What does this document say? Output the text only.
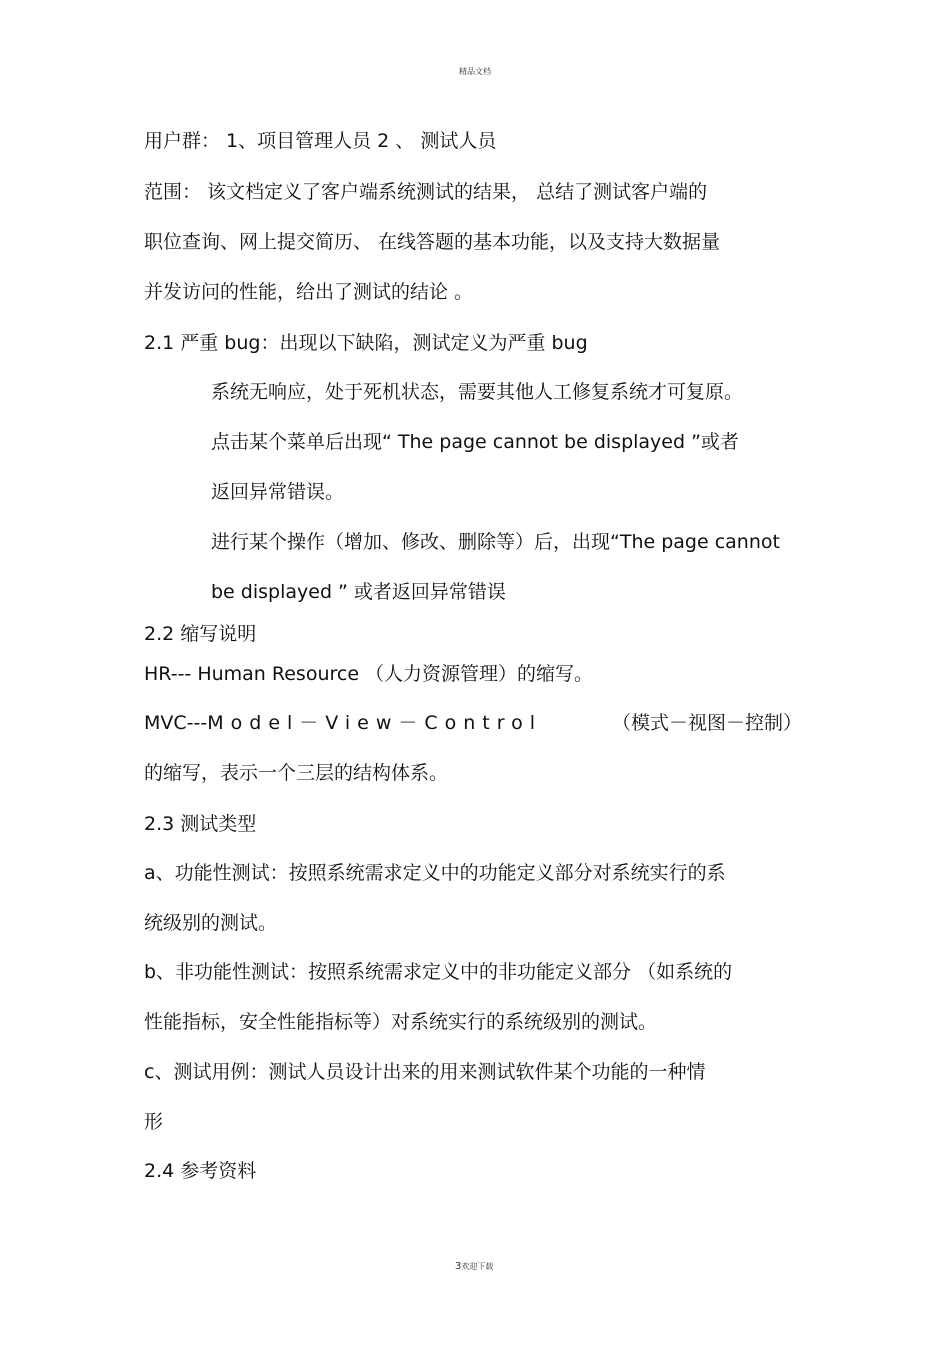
精品文档
用户群： 1、项目管理人员 2 、 测试人员
范围： 该文档定义了客户端系统测试的结果， 总结了测试客户端的
职位查询、网上提交简历、 在线答题的基本功能，以及支持大数据量
并发访问的性能，给出了测试的结论 。
2.1 严重 bug：出现以下缺陷，测试定义为严重 bug
系统无响应，处于死机状态，需要其他人工修复系统才可复原。
点击某个菜单后出现“ The page cannot be displayed ”或者
返回异常错误。
进行某个操作（增加、修改、删除等）后，出现“The page cannot
be displayed ” 或者返回异常错误
2.2 缩写说明
HR--- Human Resource （人力资源管理）的缩写。
MVC---Model－View－Control	（模式－视图－控制）
的缩写，表示一个三层的结构体系。
2.3 测试类型
a、功能性测试：按照系统需求定义中的功能定义部分对系统实行的系
统级别的测试。
b、非功能性测试：按照系统需求定义中的非功能定义部分 （如系统的
性能指标，安全性能指标等）对系统实行的系统级别的测试。
c、测试用例：测试人员设计出来的用来测试软件某个功能的一种情
形
2.4 参考资料
3欢迎下载
